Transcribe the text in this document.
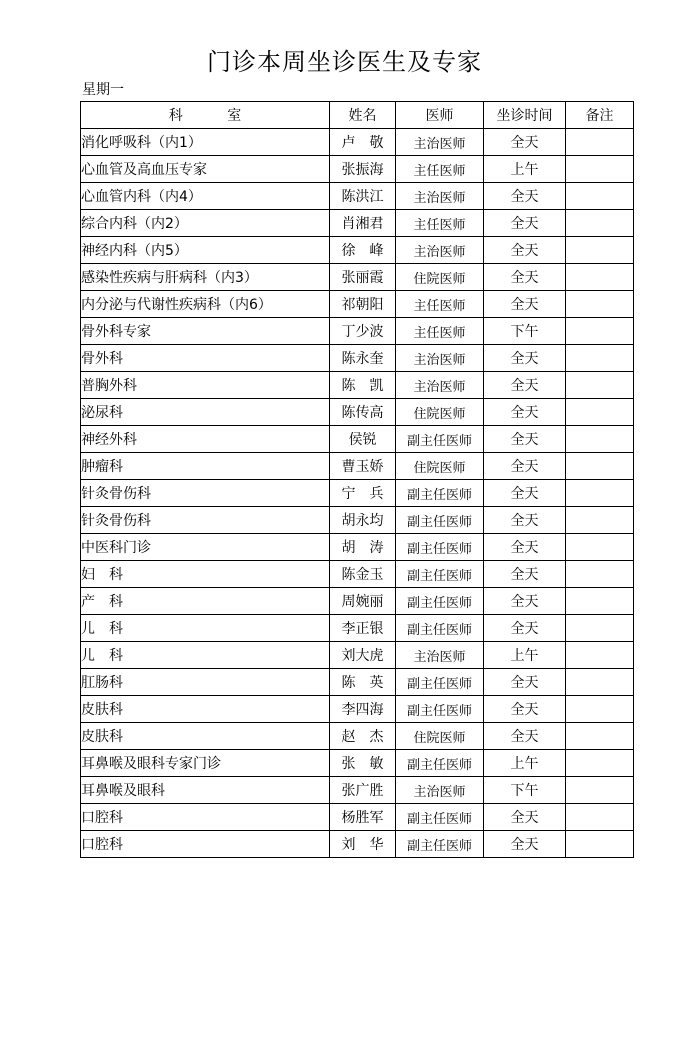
门诊本周坐诊医生及专家
星期一
科 室	姓名	医师	坐诊时间	备注
消化呼吸科（内1）	卢　敬	主治医师	全天	
心血管及高血压专家	张振海	主任医师	上午	
心血管内科（内4）	陈洪江	主治医师	全天	
综合内科（内2）	肖湘君	主任医师	全天	
神经内科（内5）	徐　峰	主治医师	全天	
感染性疾病与肝病科（内3）	张丽霞	住院医师	全天	
内分泌与代谢性疾病科（内6）	祁朝阳	主任医师	全天	
骨外科专家	丁少波	主任医师	下午	
骨外科	陈永奎	主治医师	全天	
普胸外科	陈　凯	主治医师	全天	
泌尿科	陈传高	住院医师	全天	
神经外科	侯锐	副主任医师	全天	
肿瘤科	曹玉娇	住院医师	全天	
针灸骨伤科	宁　兵	副主任医师	全天	
针灸骨伤科	胡永均	副主任医师	全天	
中医科门诊	胡　涛	副主任医师	全天	
妇　科	陈金玉	副主任医师	全天	
产　科	周婉丽	副主任医师	全天	
儿　科	李正银	副主任医师	全天	
儿　科	刘大虎	主治医师	上午	
肛肠科	陈　英	副主任医师	全天	
皮肤科	李四海	副主任医师	全天	
皮肤科	赵　杰	住院医师	全天	
耳鼻喉及眼科专家门诊	张　敏	副主任医师	上午	
耳鼻喉及眼科	张广胜	主治医师	下午	
口腔科	杨胜军	副主任医师	全天	
口腔科	刘　华	副主任医师	全天	
